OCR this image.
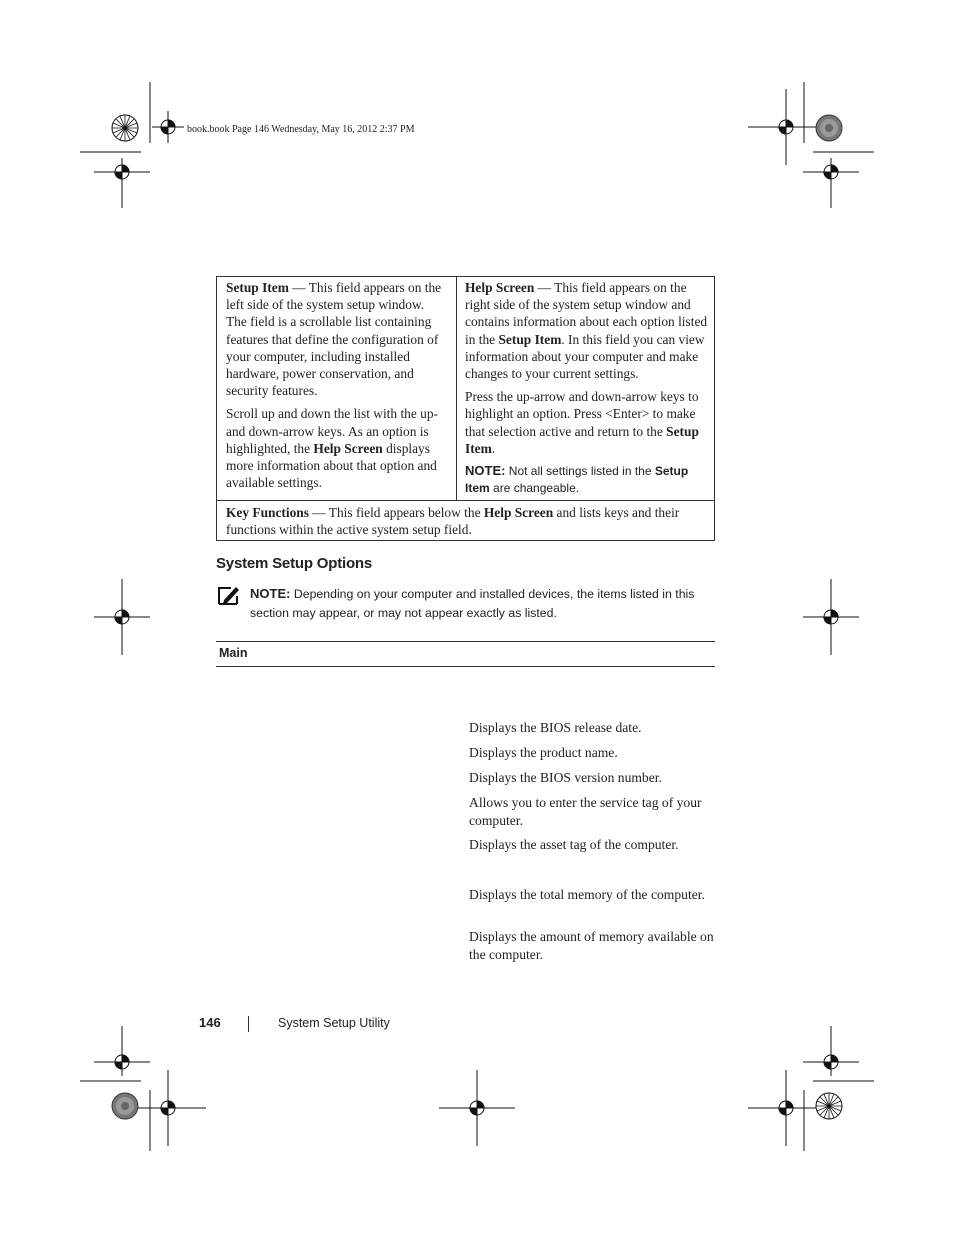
book.book Page 146 Wednesday, May 16, 2012 2:37 PM

Setup Item — This field appears on the left side of the system setup window. The field is a scrollable list containing features that define the configuration of your computer, including installed hardware, power conservation, and security features.

Scroll up and down the list with the up- and down-arrow keys. As an option is highlighted, the Help Screen displays more information about that option and available settings.

Help Screen — This field appears on the right side of the system setup window and contains information about each option listed in the Setup Item. In this field you can view information about your computer and make changes to your current settings.

Press the up-arrow and down-arrow keys to highlight an option. Press <Enter> to make that selection active and return to the Setup Item.

NOTE: Not all settings listed in the Setup Item are changeable.

Key Functions — This field appears below the Help Screen and lists keys and their functions within the active system setup field.

System Setup Options
NOTE: Depending on your computer and installed devices, the items listed in this section may appear, or may not appear exactly as listed.
Main
Displays the BIOS release date.
Displays the product name.
Displays the BIOS version number.
Allows you to enter the service tag of your computer.
Displays the asset tag of the computer.
Displays the total memory of the computer.
Displays the amount of memory available on the computer.
146	System Setup Utility
